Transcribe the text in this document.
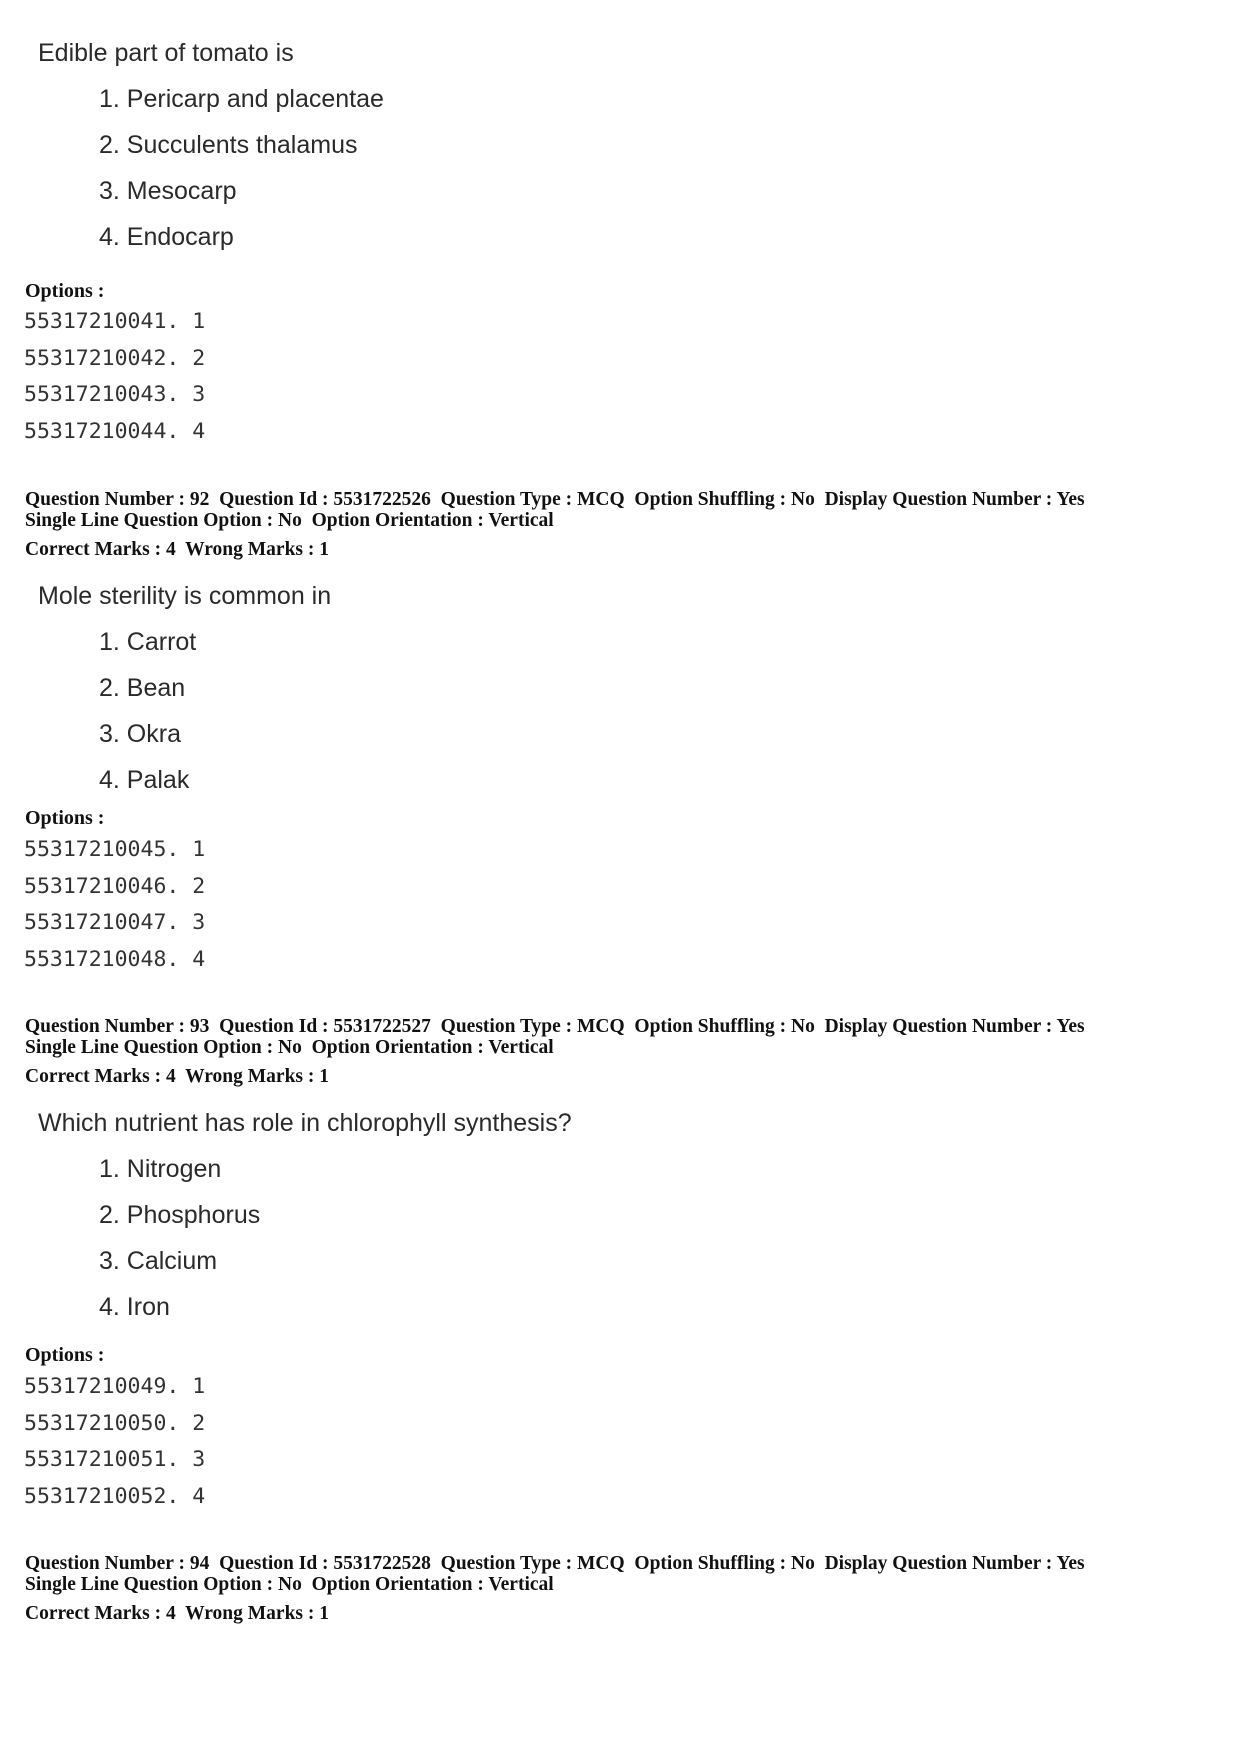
Edible part of tomato is
1. Pericarp and placentae
2. Succulents thalamus
3. Mesocarp
4. Endocarp
Options :
55317210041. 1
55317210042. 2
55317210043. 3
55317210044. 4
Question Number : 92  Question Id : 5531722526  Question Type : MCQ  Option Shuffling : No  Display Question Number : Yes
Single Line Question Option : No  Option Orientation : Vertical
Correct Marks : 4  Wrong Marks : 1
Mole sterility is common in
1. Carrot
2. Bean
3. Okra
4. Palak
Options :
55317210045. 1
55317210046. 2
55317210047. 3
55317210048. 4
Question Number : 93  Question Id : 5531722527  Question Type : MCQ  Option Shuffling : No  Display Question Number : Yes
Single Line Question Option : No  Option Orientation : Vertical
Correct Marks : 4  Wrong Marks : 1
Which nutrient has role in chlorophyll synthesis?
1. Nitrogen
2. Phosphorus
3. Calcium
4. Iron
Options :
55317210049. 1
55317210050. 2
55317210051. 3
55317210052. 4
Question Number : 94  Question Id : 5531722528  Question Type : MCQ  Option Shuffling : No  Display Question Number : Yes
Single Line Question Option : No  Option Orientation : Vertical
Correct Marks : 4  Wrong Marks : 1
